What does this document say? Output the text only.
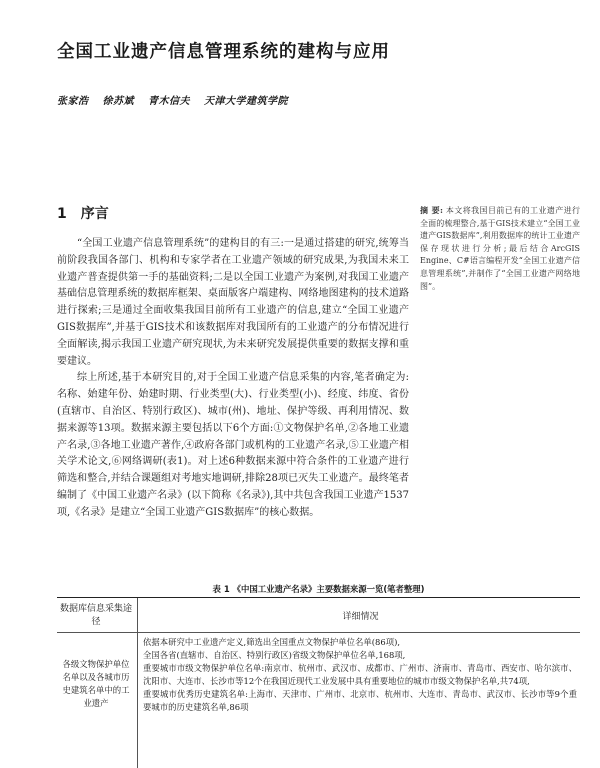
全国工业遗产信息管理系统的建构与应用
张家浩 徐苏斌 青木信夫 天津大学建筑学院
1 序言	摘 要: 本文将我国目前已有的工业遗产进行全面的梳理整合,基于GIS技术建立“全国工业遗产GIS数据库”,利用数据库的统计工业遗产保存现状进行分析;最后结合ArcGIS Engine、C#语言编程开发“全国工业遗产信息管理系统”,并制作了“全国工业遗产网络地图”。

“全国工业遗产信息管理系统”的建构目的有三:一是通过搭建的研究,统筹当前阶段我国各部门、机构和专家学者在工业遗产领域的研究成果,为我国未来工业遗产普查提供第一手的基础资料;二是以全国工业遗产为案例,对我国工业遗产基础信息管理系统的数据库框架、桌面版客户端建构、网络地图建构的技术道路进行探索;三是通过全面收集我国目前所有工业遗产的信息,建立“全国工业遗产GIS数据库”,并基于GIS技术和该数据库对我国所有的工业遗产的分布情况进行全面解读,揭示我国工业遗产研究现状,为未来研究发展提供重要的数据支撑和重要建议。

综上所述,基于本研究目的,对于全国工业遗产信息采集的内容,笔者确定为:名称、始建年份、始建时期、行业类型(大)、行业类型(小)、经度、纬度、省份(直辖市、自治区、特别行政区)、城市(州)、地址、保护等级、再利用情况、数据来源等13项。数据来源主要包括以下6个方面:①文物保护名单,②各地工业遗产名录,③各地工业遗产著作,④政府各部门或机构的工业遗产名录,⑤工业遗产相关学术论文,⑥网络调研(表1)。对上述6种数据来源中符合条件的工业遗产进行筛选和整合,并结合课题组对考地实地调研,排除28项已灭失工业遗产。最终笔者编制了《中国工业遗产名录》(以下简称《名录》),其中共包含我国工业遗产1537项,《名录》是建立“全国工业遗产GIS数据库”的核心数据。

表 1 《中国工业遗产名录》主要数据来源一览(笔者整理)
数据库信息采集途径	详细情况
各级文物保护单位名单以及各城市历史建筑名单中的工业遗产

依据本研究中工业遗产定义,筛选出全国重点文物保护单位名单(86项),

全国各省(直辖市、自治区、特别行政区)省级文物保护单位名单,168项,

重要城市市级文物保护单位名单:南京市、杭州市、武汉市、成都市、广州市、济南市、青岛市、西安市、哈尔滨市、沈阳市、大连市、长沙市等12个在我国近现代工业发展中具有重要地位的城市市级文物保护名单,共74项,

重要城市优秀历史建筑名单:上海市、天津市、广州市、北京市、杭州市、大连市、青岛市、武汉市、长沙市等9个重要城市的历史建筑名单,86项
